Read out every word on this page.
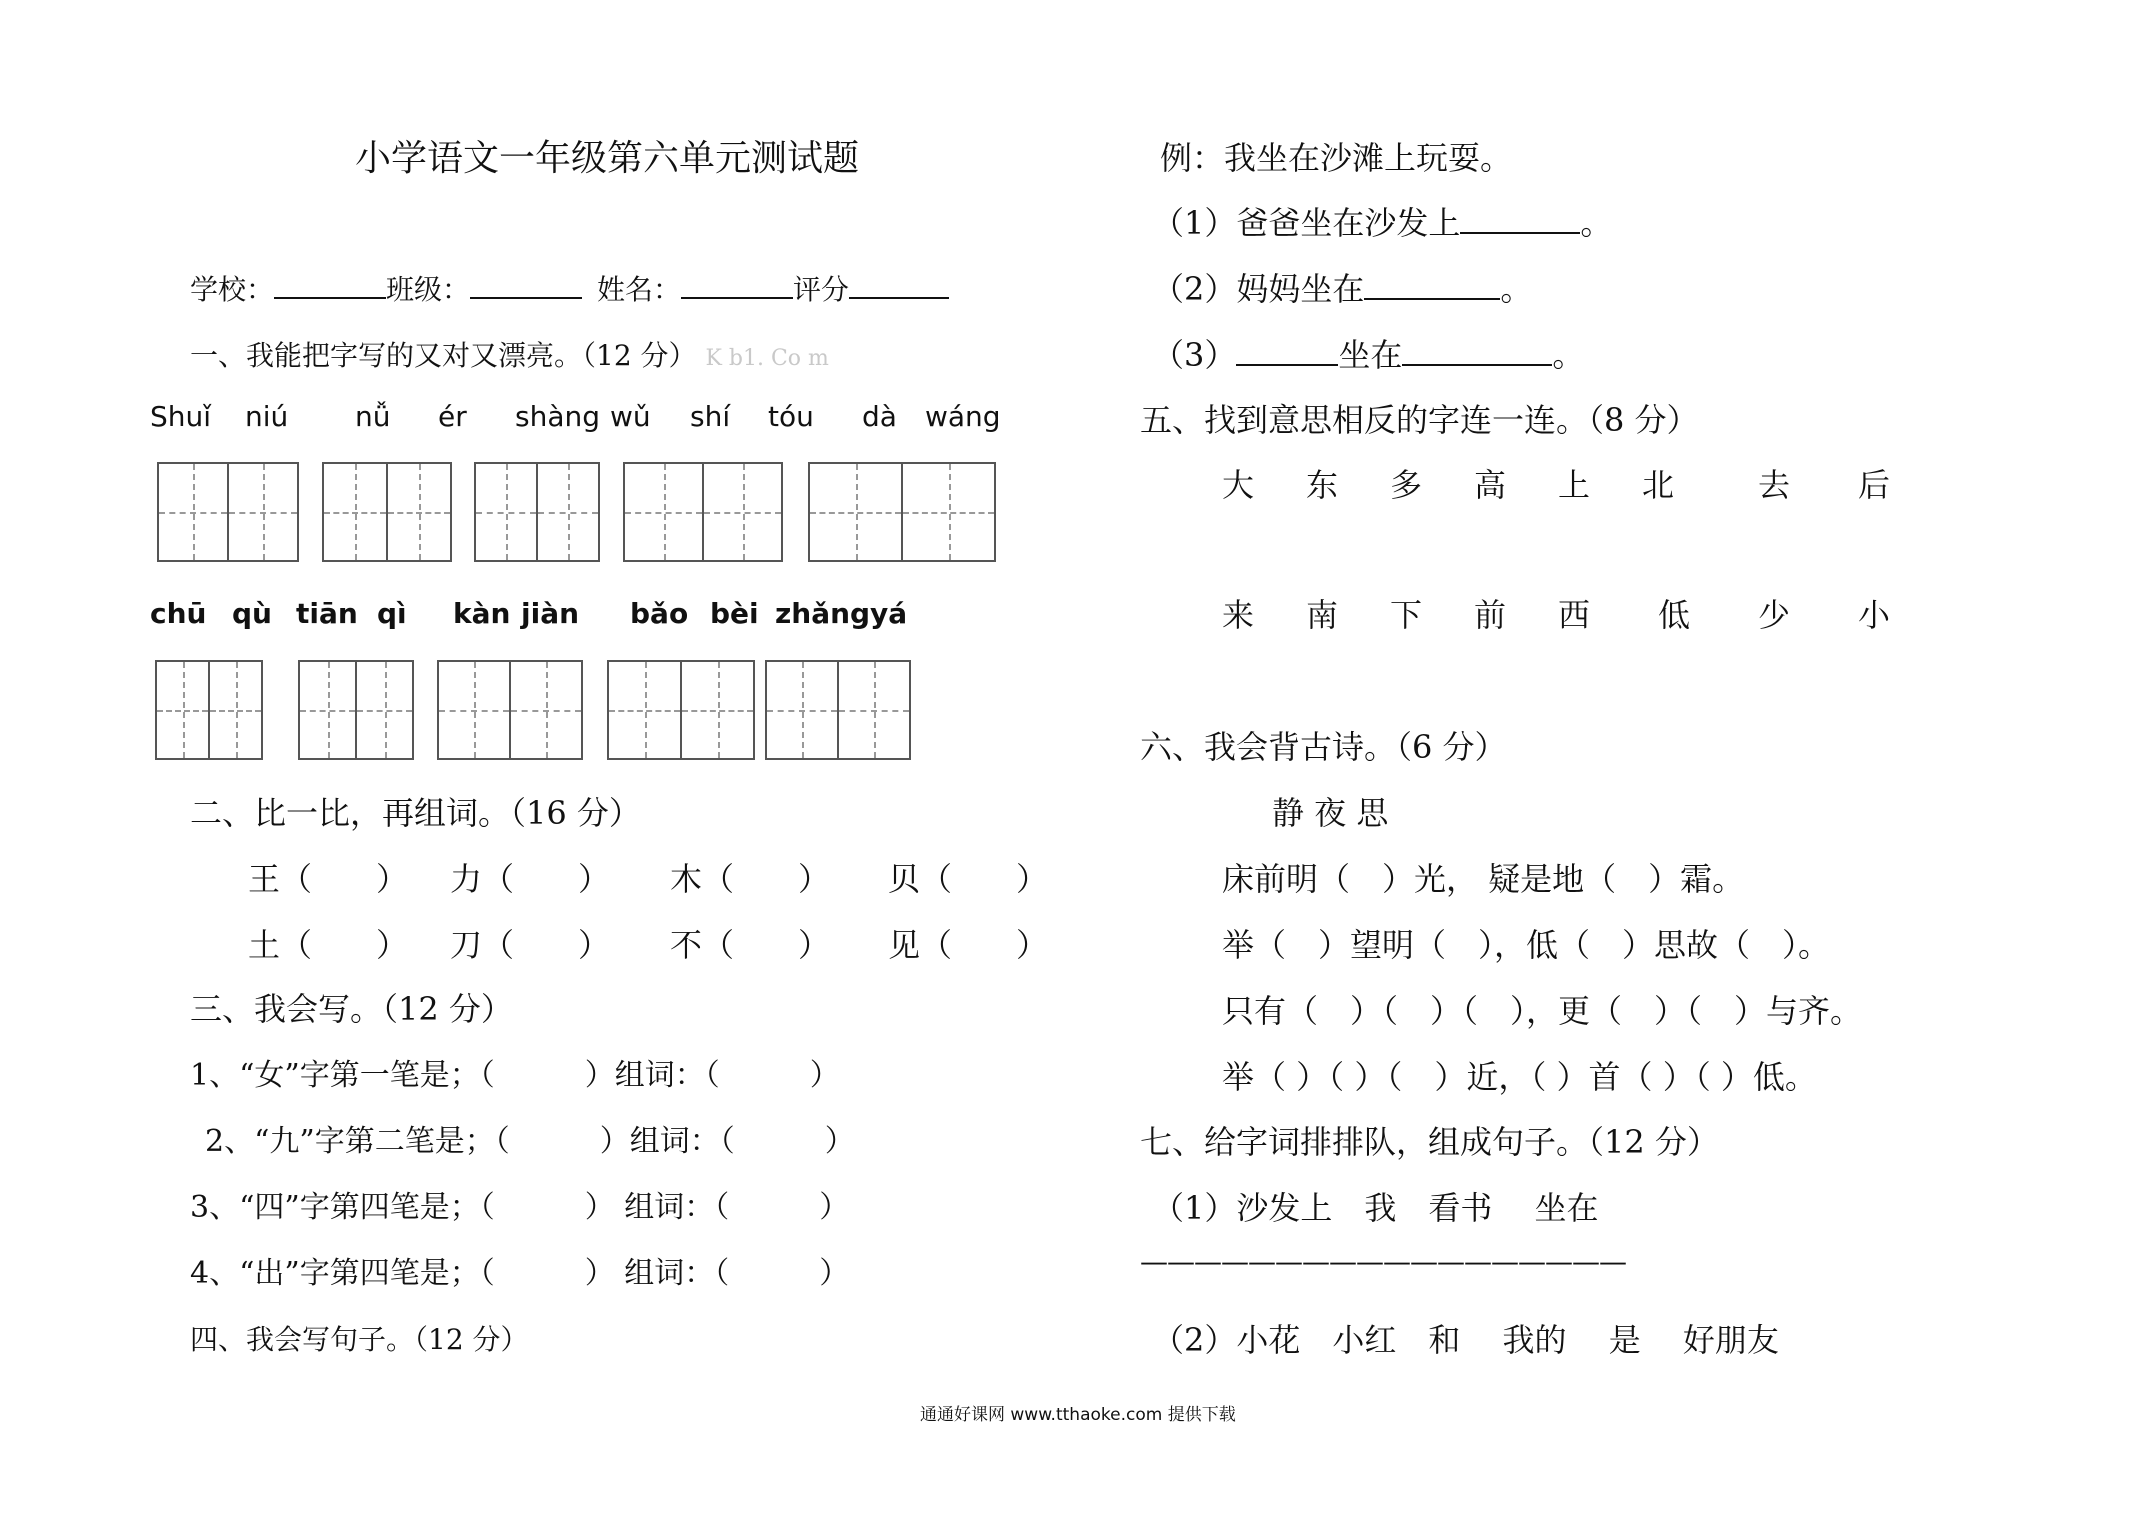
小学语文一年级第六单元测试题
学校：	班级：	姓名：	评分
一、我能把字写的又对又漂亮。（12 分） K b1. Co m
Shuǐ niú nǚ ér shàng wǔ shí tóu dà wáng
chū qù tiān qì kàn jiàn bǎo bèi zhǎng yá
二、比一比，再组词。（16 分）
王（　　） 力（　　） 木（　　） 贝（　　）
土（　　） 刀（　　） 不（　　） 见（　　）
三、我会写。（12 分）
1、“女”字第一笔是；（　　　）组词：（　　　）
2、“九”字第二笔是；（　　　）组词：（　　　）
3、“四”字第四笔是；（　　　） 组词：（　　　）
4、“出”字第四笔是；（　　　） 组词：（　　　）
四、我会写句子。（12 分）
例：我坐在沙滩上玩耍。
（1）爸爸坐在沙发上	。
（2）妈妈坐在	。
（3）	坐在	。
五、找到意思相反的字连一连。（8 分）
大 东 多 高 上 北	去 后
来 南 下 前 西 低 少 小
六、我会背古诗。（6 分）
静 夜 思
床前明（　）光， 疑是地（　）霜。
举（　）望明（　），低（　）思故（　）。
只有（　）（　）（　），更（　）（　）与齐。
举（ ）（ ）（　）近，（ ）首（ ）（ ）低。
七、给字词排排队，组成句子。（12 分）
（1）沙发上　我　看书　 坐在
——————————————————
（2）小花　小红　和　 我的　 是　 好朋友
通通好课网 www.tthaoke.com 提供下载
